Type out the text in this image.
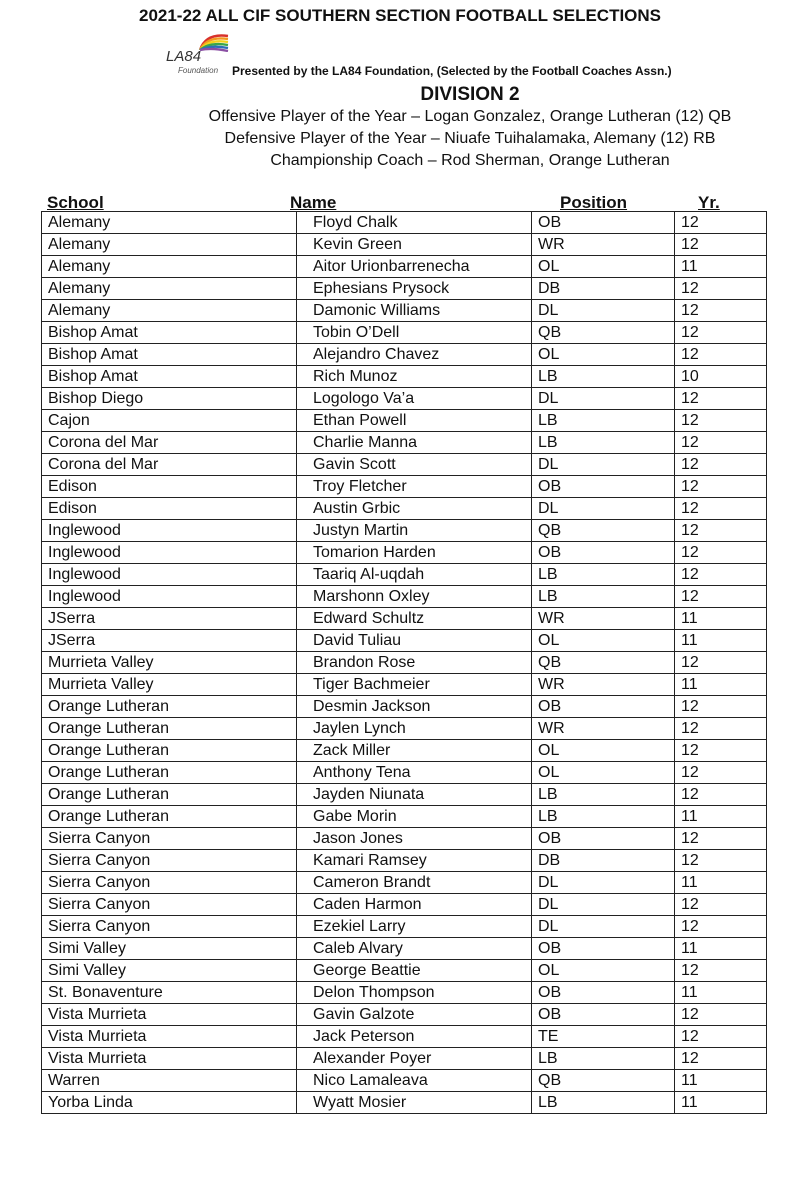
2021-22 ALL CIF SOUTHERN SECTION FOOTBALL SELECTIONS
LA84
Foundation Presented by the LA84 Foundation, (Selected by the Football Coaches Assn.)
DIVISION 2
Offensive Player of the Year – Logan Gonzalez, Orange Lutheran (12) QB
Defensive Player of the Year – Niuafe Tuihalamaka, Alemany (12) RB
Championship Coach – Rod Sherman, Orange Lutheran
School	Name	Position	Yr.
Alemany	Floyd Chalk	OB	12
Alemany	Kevin Green	WR	12
Alemany	Aitor Urionbarrenecha	OL	11
Alemany	Ephesians Prysock	DB	12
Alemany	Damonic Williams	DL	12
Bishop Amat	Tobin O’Dell	QB	12
Bishop Amat	Alejandro Chavez	OL	12
Bishop Amat	Rich Munoz	LB	10
Bishop Diego	Logologo Va’a	DL	12
Cajon	Ethan Powell	LB	12
Corona del Mar	Charlie Manna	LB	12
Corona del Mar	Gavin Scott	DL	12
Edison	Troy Fletcher	OB	12
Edison	Austin Grbic	DL	12
Inglewood	Justyn Martin	QB	12
Inglewood	Tomarion Harden	OB	12
Inglewood	Taariq Al-uqdah	LB	12
Inglewood	Marshonn Oxley	LB	12
JSerra	Edward Schultz	WR	11
JSerra	David Tuliau	OL	11
Murrieta Valley	Brandon Rose	QB	12
Murrieta Valley	Tiger Bachmeier	WR	11
Orange Lutheran	Desmin Jackson	OB	12
Orange Lutheran	Jaylen Lynch	WR	12
Orange Lutheran	Zack Miller	OL	12
Orange Lutheran	Anthony Tena	OL	12
Orange Lutheran	Jayden Niunata	LB	12
Orange Lutheran	Gabe Morin	LB	11
Sierra Canyon	Jason Jones	OB	12
Sierra Canyon	Kamari Ramsey	DB	12
Sierra Canyon	Cameron Brandt	DL	11
Sierra Canyon	Caden Harmon	DL	12
Sierra Canyon	Ezekiel Larry	DL	12
Simi Valley	Caleb Alvary	OB	11
Simi Valley	George Beattie	OL	12
St. Bonaventure	Delon Thompson	OB	11
Vista Murrieta	Gavin Galzote	OB	12
Vista Murrieta	Jack Peterson	TE	12
Vista Murrieta	Alexander Poyer	LB	12
Warren	Nico Lamaleava	QB	11
Yorba Linda	Wyatt Mosier	LB	11
